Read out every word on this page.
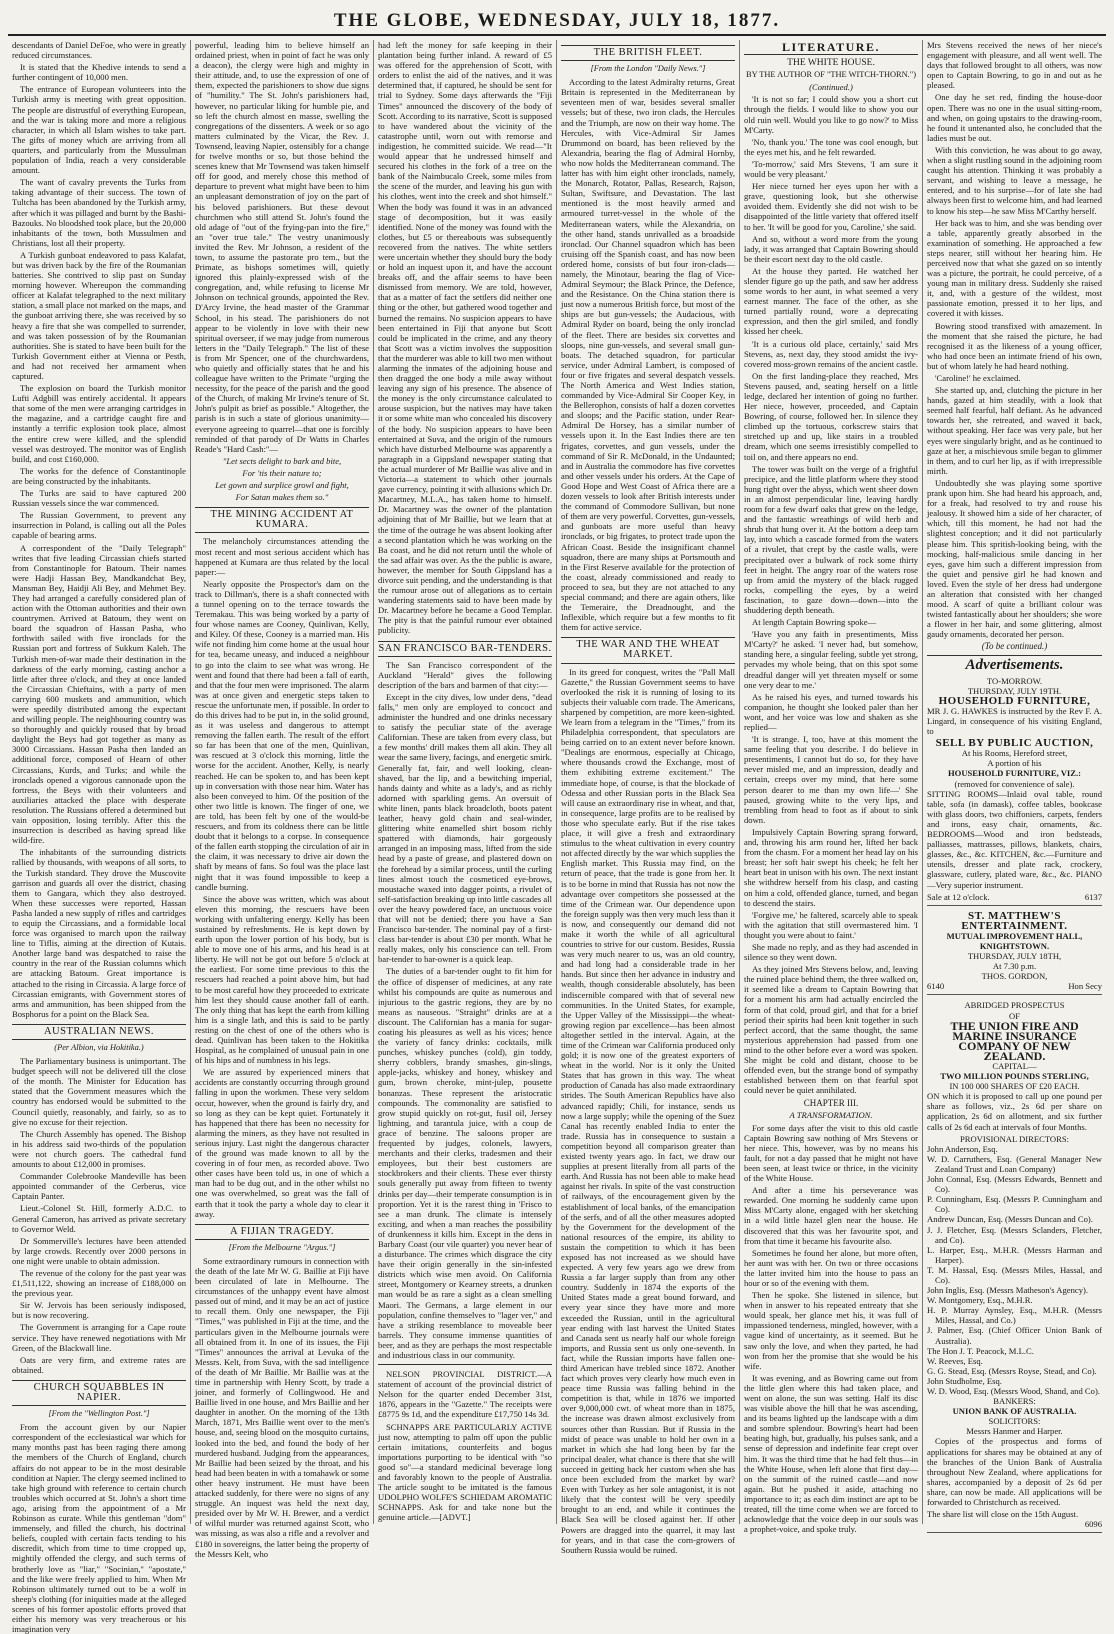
THE GLOBE, WEDNESDAY, JULY 18, 1877.

descendants of Daniel DeFoe, who were in greatly reduced circumstances.

It is stated that the Khedive intends to send a further contingent of 10,000 men.

The entrance of European volunteers into the Turkish army is meeting with great opposition. The people are distrustful of everything European, and the war is taking more and more a religious character, in which all Islam wishes to take part. The gifts of money which are arriving from all quarters, and particularly from the Mussulman population of India, reach a very considerable amount.

The want of cavalry prevents the Turks from taking advantage of their success. The town of Tultcha has been abandoned by the Turkish army, after which it was pillaged and burnt by the Bashi-Bazouks. No bloodshed took place, but the 20,000 inhabitants of the town, both Mussulmen and Christians, lost all their property.

A Turkish gunboat endeavored to pass Kalafat, but was driven back by the fire of the Roumanian batteries. She contrived to slip past on Sunday morning however. Whereupon the commanding officer at Kalafat telegraphed to the next military station, a small place not marked on the maps, and the gunboat arriving there, she was received by so heavy a fire that she was compelled to surrender, and was taken possession of by the Roumanian authorities. She is stated to have been built for the Turkish Government either at Vienna or Pesth, and had not received her armament when captured.

The explosion on board the Turkish monitor Lufti Adgbill was entirely accidental. It appears that some of the men were arranging cartridges in the magazine, and a cartridge caught fire and instantly a terrific explosion took place, almost the entire crew were killed, and the splendid vessel was destroyed. The monitor was of English build, and cost £160,000.

The works for the defence of Constantinople are being constructed by the inhabitants.

The Turks are said to have captured 200 Russian vessels since the war commenced.

The Russian Government, to prevent any insurrection in Poland, is calling out all the Poles capable of bearing arms.

A correspondent of the "Daily Telegraph" writes that five leading Circassian chiefs started from Constantinople for Batoum. Their names were Hadji Hassan Bey, Mandkandchat Bey, Mansman Bey, Haidji Ali Bey, and Mehmet Bey. They had arranged a carefully considered plan of action with the Ottoman authorities and their own countrymen. Arrived at Batoum, they went on board the squadron of Hassan Pasha, who forthwith sailed with five ironclads for the Russian port and fortress of Sukkum Kaleh. The Turkish men-of-war made their destination in the darkness of the early morning, casting anchor a little after three o'clock, and they at once landed the Circassian Chieftains, with a party of men carrying 600 muskets and ammunition, which were speedily distributed among the expectant and willing people. The neighbouring country was so thoroughly and quickly roused that by broad daylight the Beys had got together as many as 3000 Circassians. Hassan Pasha then landed an additional force, composed of Hearn of other Circassians, Kurds, and Turks; and while the ironclads opened a vigorous cannonade upon the fortress, the Beys with their volunteers and auxiliaries attacked the place with desperate resolution. The Russians offered a determined but vain opposition, losing terribly. After this the insurrection is described as having spread like wild-fire.

The inhabitants of the surrounding districts rallied by thousands, with weapons of all sorts, to the Turkish standard. They drove the Muscovite garrison and guards all over the district, chasing them to Gangara, which they also destroyed. When these successes were reported, Hassan Pasha landed a new supply of rifles and cartridges to equip the Circassians, and a formidable local force was organised to march upon the railway line to Tiflis, aiming at the direction of Kutais. Another large band was despatched to raise the country in the rear of the Russian columns which are attacking Batoum. Great importance is attached to the rising in Circassia. A large force of Circassian emigrants, with Government stores of arms and ammunition, has been shipped from the Bosphorus for a point on the Black Sea.

AUSTRALIAN NEWS.
(Per Albion, via Hokitika.)

The Parliamentary business is unimportant. The budget speech will not be delivered till the close of the month. The Minister for Education has stated that the Government measures which the country has endorsed would be submitted to the Council quietly, reasonably, and fairly, so as to give no excuse for their rejection.

The Church Assembly has opened. The Bishop in his address said two-thirds of the population were not church goers. The cathedral fund amounts to about £12,000 in promises.

Commander Colebrooke Mandeville has been appointed commander of the Cerberus, vice Captain Panter.

Lieut.-Colonel St. Hill, formerly A.D.C. to General Cameron, has arrived as private secretary to Governor Weld.

Dr Sommerville's lectures have been attended by large crowds. Recently over 2000 persons in one night were unable to obtain admission.

The revenue of the colony for the past year was £1,511,122, showing an increase of £188,000 on the previous year.

Sir W. Jervois has been seriously indisposed, but is now recovering.

The Government is arranging for a Cape route service. They have renewed negotiations with Mr Green, of the Blackwall line.

Oats are very firm, and extreme rates are obtained.

CHURCH SQUABBLES IN NAPIER.
[From the "Wellington Post."]

From the account given by our Napier correspondent of the ecclesiastical war which for many months past has been raging there among the members of the Church of England, church affairs do not appear to be in the most desirable condition at Napier. The clergy seemed inclined to take high ground with reference to certain church troubles which occurred at St. John's a short time ago, arising from the appointment of a Mr Robinson as curate. While this gentleman "dom" immensely, and filled the church, his doctrinal beliefs, coupled with certain facts tending to his discredit, which from time to time cropped up, mightily offended the clergy, and such terms of brotherly love as "liar," "Socinian," "apostate," and the like were freely applied to him. When Mr Robinson ultimately turned out to be a wolf in sheep's clothing (for iniquities made at the alleged scenes of his former apostolic efforts proved that either his memory was very treacherous or his imagination very

powerful, leading him to believe himself an ordained priest, when in point of fact he was only a deacon), the clergy were high and mighty in their attitude, and, to use the expression of one of them, expected the parishioners to show due signs of "humility." The St. John's parishioners had, however, no particular liking for humble pie, and so left the church almost en masse, swelling the congregations of the dissenters. A week or so ago matters culminated by the Vicar, the Rev. J. Townsend, leaving Napier, ostensibly for a change for twelve months or so, but those behind the scenes knew that Mr Townsend was taken himself off for good, and merely chose this method of departure to prevent what might have been to him an unpleasant demonstration of joy on the part of his beloved parishioners. But these devout churchmen who still attend St. John's found the old adage of "out of the frying-pan into the fire," an "over true tale." The vestry unanimously invited the Rev. Mr Johnson, a resident of the town, to assume the pastorate pro tem., but the Primate, as bishops sometimes will, quietly ignored this plainly-expressed wish of the congregation, and, while refusing to license Mr Johnson on technical grounds, appointed the Rev. D'Arcy Irvine, the head master of the Grammar School, in his stead. The parishioners do not appear to be violently in love with their new spiritual overseer, if we may judge from numerous letters in the "Daily Telegraph." The list of these is from Mr Spencer, one of the churchwardens, who quietly and officially states that he and his colleague have written to the Primate "urging the necessity, for the peace of the parish and the good of the Church, of making Mr Irvine's tenure of St. John's pulpit as brief as possible." Altogether, the parish is in such a state of glorious unanimity—everyone agreeing to quarrel—that one is forcibly reminded of that parody of Dr Watts in Charles Reade's "Hard Cash:"—

"Let sects delight to bark and bite,
For 'tis their nature to;
Let gown and surplice growl and fight,
For Satan makes them so."
THE MINING ACCIDENT AT KUMARA.

The melancholy circumstances attending the most recent and most serious accident which has happened at Kumara are thus related by the local paper:—

Nearly opposite the Prospector's dam on the track to Dillman's, there is a shaft connected with a tunnel opening on to the terrace towards the Teremakau. This was being worked by a party of four whose names are Cooney, Quinlivan, Kelly, and Kiley. Of these, Cooney is a married man. His wife not finding him come home at the usual hour for tea, became uneasy, and induced a neighbour to go into the claim to see what was wrong. He went and found that there had been a fall of earth, and that the four men were imprisoned. The alarm was at once given and energetic steps taken to rescue the unfortunate men, if possible. In order to do this drives had to be put in, in the solid ground, as it was useless and dangerous to attempt removing the fallen earth. The result of the effort so far has been that one of the men, Quinlivan, was rescued at 3 o'clock this morning, little the worse for the accident. Another, Kelly, is nearly reached. He can be spoken to, and has been kept up in conversation with those near him. Water has also been conveyed to him. Of the position of the other two little is known. The finger of one, we are told, has been felt by one of the would-be rescuers, and from its coldness there can be little doubt that it belongs to a corpse. In consequence of the fallen earth stopping the circulation of air in the claim, it was necessary to drive air down the shaft by means of fans. So foul was the place last night that it was found impossible to keep a candle burning.

Since the above was written, which was about eleven this morning, the rescuers have been working with unfaltering energy. Kelly has been sustained by refreshments. He is kept down by earth upon the lower portion of his body, but is able to move one of his arms, and his head is at liberty. He will not be got out before 5 o'clock at the earliest. For some time previous to this the rescuers had reached a point above him, but had to be most careful how they proceeded to extricate him lest they should cause another fall of earth. The only thing that has kept the earth from killing him is a single lath, and this is said to be partly resting on the chest of one of the others who is dead. Quinlivan has been taken to the Hokitika Hospital, as he complained of unusual pain in one of his hips and of numbness in his legs.

We are assured by experienced miners that accidents are constantly occurring through ground falling in upon the workmen. These very seldom occur, however, when the ground is fairly dry, and so long as they can be kept quiet. Fortunately it has happened that there has been no necessity for alarming the miners, as they have not resulted in serious injury. Last night the dangerous character of the ground was made known to all by the covering in of four men, as recorded above. Two other cases have been told us, in one of which a man had to be dug out, and in the other whilst no one was overwhelmed, so great was the fall of earth that it took the party a whole day to clear it away.

A FIJIAN TRAGEDY.
[From the Melbourne "Argus."]

Some extraordinary rumours in connection with the death of the late Mr W. G. Baillie at Fiji have been circulated of late in Melbourne. The circumstances of the unhappy event have almost passed out of mind, and it may be an act of justice to recall them. Only one newspaper, the Fiji "Times," was published in Fiji at the time, and the particulars given in the Melbourne journals were all obtained from it. In one of its issues, the Fiji "Times" announces the arrival at Levuka of the Messrs. Kelt, from Suva, with the sad intelligence of the death of Mr Baillie. Mr Baillie was at the time in partnership with Henry Scott, by trade a joiner, and formerly of Collingwood. He and Baillie lived in one house, and Mrs Baillie and her daughter in another. On the morning of the 13th March, 1871, Mrs Baillie went over to the men's house, and, seeing blood on the mosquito curtains, looked into the bed, and found the body of her murdered husband. Judging from the appearances, Mr Baillie had been seized by the throat, and his head had been beaten in with a tomahawk or some other heavy instrument. He must have been attacked suddenly, for there were no signs of any struggle. An inquest was held the next day, presided over by Mr W. H. Brewer, and a verdict of wilful murder was returned against Scott, who was missing, as was also a rifle and a revolver and £180 in sovereigns, the latter being the property of the Messrs Kelt, who

had left the money for safe keeping in their plantation being further inland. A reward of £5 was offered for the apprehension of Scott, with orders to enlist the aid of the natives, and it was determined that, if captured, he should be sent for trial to Sydney. Some days afterwards the "Fiji Times" announced the discovery of the body of Scott. According to its narrative, Scott is supposed to have wandered about the vicinity of the catastrophe until, worn out with remorse and indigestion, he committed suicide. We read—"It would appear that he undressed himself and secured his clothes in the fork of a tree on the bank of the Naimbucalo Creek, some miles from the scene of the murder, and leaving his gun with his clothes, went into the creek and shot himself." When the body was found it was in an advanced stage of decomposition, but it was easily identified. None of the money was found with the clothes, but £5 or thereabouts was subsequently recovered from the natives. The white settlers were uncertain whether they should bury the body or hold an inquest upon it, and have the account breaks off, and the affair seems to have been dismissed from memory. We are told, however, that as a matter of fact the settlers did neither one thing or the other, but gathered wood together and burned the remains. No suspicion appears to have been entertained in Fiji that anyone but Scott could be implicated in the crime, and any theory that Scott was a victim involves the supposition that the murderer was able to kill two men without alarming the inmates of the adjoining house and then dragged the one body a mile away without leaving any sign of his presence. The absence of the money is the only circumstance calculated to arouse suspicion, but the natives may have taken it or some white man who concealed his discovery of the body. No suspicion appears to have been entertained at Suva, and the origin of the rumours which have disturbed Melbourne was apparently a paragraph in a Gippsland newspaper stating that the actual murderer of Mr Baillie was alive and in Victoria—a statement to which other journals gave currency, pointing it with allusions which Dr. Macartney, M.L.A., has taken home to himself. Dr. Macartney was the owner of the plantation adjoining that of Mr Baillie, but we learn that at the time of the outrage he was absent looking after a second plantation which he was working on the Ba coast, and he did not return until the whole of the sad affair was over. As the the public is aware, however, the member for South Gippsland has a divorce suit pending, and the understanding is that the rumour arose out of allegations as to certain wandering statements said to have been made by Dr. Macartney before he became a Good Templar. The pity is that the painful rumour ever obtained publicity.

SAN FRANCISCO BAR-TENDERS.

The San Francisco correspondent of the Auckland "Herald" gives the following description of the bars and barmen of that city:—

Except in the city dives, low under dens, "dead falls," men only are employed to concoct and administer the hundred and one drinks necessary to satisfy the peculiar state of the average Californian. These are taken from every class, but a few months' drill makes them all akin. They all wear the same livery, facings, and energetic smirk. Generally fat, fair, and well looking, clean-shaved, bar the lip, and a bewitching imperial, hands dainty and white as a lady's, and as richly adorned with sparkling gems. An oversuit of white linen, pants black broadcloth, boots patent leather, heavy gold chain and seal-winder, glittering white enamelled shirt bosom richly spattered with diamonds, hair gorgeously arranged in an imposing mass, lifted from the side head by a paste of grease, and plastered down on the forehead by a similar process, until the curling lines almost touch the cosmeticed eye-brows, moustache waxed into dagger points, a rivulet of self-satisfaction breaking up into little cascades all over the heavy powdered face, an unctuous voice that will not be denied; there you have a San Francisco bar-tender. The nominal pay of a first-class bar-tender is about £30 per month. What he really makes, only his conscience can tell. From bar-tender to bar-owner is a quick leap.

The duties of a bar-tender ought to fit him for the office of dispenser of medicines, at any rate whilst his compounds are quite as numerous and injurious to the gastric regions, they are by no means as nauseous. "Straight" drinks are at a discount. The Californian has a mania for sugar-coating his pleasures as well as his vices; hence the variety of fancy drinks: cocktails, milk punches, whiskey punches (cold), gin toddy, sherry cobblers, brandy smashes, gin-slings, apple-jacks, whiskey and honey, whiskey and gum, brown cheroke, mint-julep, pousette bonanzas. These represent the aristocratic compounds. The commonality are satisfied to grow stupid quickly on rot-gut, fusil oil, Jersey lightning, and tarantula juice, with a coup de grace of benzine. The saloons proper are frequented by judges, colonels, lawyers, merchants and their clerks, tradesmen and their employees, but their best customers are stockbrokers and their clients. These ever thirsty souls generally put away from fifteen to twenty drinks per day—their temperate consumption is in proportion. Yet it is the rarest thing in 'Frisco to see a man drunk. The climate is intensely exciting, and when a man reaches the possibility of drunkenness it kills him. Except in the dens in Barbary Coast (our vile quarter) you never hear of a disturbance. The crimes which disgrace the city have their origin generally in the sin-infested districts which wise men avoid. On California street, Montgomery or Kearney streets, a drunken man would be as rare a sight as a clean smelling Maori. The Germans, a large element in our population, confine themselves to "lager ver," and have a striking resemblance to moveable beer barrels. They consume immense quantities of beer, and as they are perhaps the most respectable and industrious class in our community.

NELSON PROVINCIAL DISTRICT.—A statement of account of the provincial district of Nelson for the quarter ended December 31st, 1876, appears in the "Gazette." The receipts were £8775 9s 1d, and the expenditure £17,750 14s 3d.

SCHNAPPS ARE PARTICULARLY ACTIVE just now, attempting to palm off upon the public certain imitations, counterfeits and bogus importations purporting to be identical with "so good so"—a standard medicinal beverage long and favorably known to the people of Australia. The article sought to be imitated is the famous UDOLPHO WOLFE'S SCHIEDAM AROMATIC SCHNAPPS. Ask for and take none but the genuine article.—[ADVT.]

THE BRITISH FLEET.
[From the London "Daily News."]

According to the latest Admiralty returns, Great Britain is represented in the Mediterranean by seventeen men of war, besides several smaller vessels; but of these, two iron clads, the Hercules and the Triumph, are now on their way home. The Hercules, with Vice-Admiral Sir James Drummond on board, has been relieved by the Alexandria, bearing the flag of Admiral Hornby, who now holds the Mediterranean command. The latter has with him eight other ironclads, namely, the Monarch, Rotator, Pallas, Research, Rajson, Sultan, Swiftsure, and Devastation. The last mentioned is the most heavily armed and armoured turret-vessel in the whole of the Mediterranean waters, while the Alexandria, on the other hand, stands unrivalled as a broadside ironclad. Our Channel squadron which has been cruising off the Spanish coast, and has now been ordered home, consists of but four iron-clads—namely, the Minotaur, bearing the flag of Vice-Admiral Seymour; the Black Prince, the Defence, and the Resistance. On the China station there is just now a numerous British force, but most of the ships are but gun-vessels; the Audacious, with Admiral Ryder on board, being the only ironclad of the fleet. There are besides six corvettes and sloops, nine gun-vessels, and several small gun-boats. The detached squadron, for particular service, under Admiral Lambert, is composed of four or five frigates and several despatch vessels. The North America and West Indies station, commanded by Vice-Admiral Sir Cooper Key, in the Bellerophon, consists of half a dozen corvettes and sloops; and the Pacific station, under Rear-Admiral De Horsey, has a similar number of vessels upon it. In the East Indies there are ten frigates, corvettes, and gun vessels, under the command of Sir R. McDonald, in the Undaunted; and in Australia the commodore has five corvettes and other vessels under his orders. At the Cape of Good Hope and West Coast of Africa there are a dozen vessels to look after British interests under the command of Commodore Sullivan, but none of them are very powerful. Corvettes, gun-vessels, and gunboats are more useful than heavy ironclads, or big frigates, to protect trade upon the African Coast. Beside the insignificant channel squadron, there are many ships at Portsmouth and in the First Reserve available for the protection of the coast, already commissioned and ready to proceed to sea, but they are not attached to any special command; and there are again others, like the Temeraire, the Dreadnought, and the Inflexible, which require but a few months to fit them for active service.

THE WAR AND THE WHEAT MARKET.

In its greed for conquest, writes the "Pall Mall Gazette," the Russian Government seems to have overlooked the risk it is running of losing to its subjects their valuable corn trade. The Americans, sharpened by competition, are more keen-sighted. We learn from a telegram in the "Times," from its Philadelphia correspondent, that speculators are being carried on to an extent never before known. "Dealings are enormous, especially at Chicago, where thousands crowd the Exchange, most of them exhibiting extreme excitement." The immediate hope, of course, is that the blockade of Odessa and other Russian ports in the Black Sea will cause an extraordinary rise in wheat, and that, in consequence, large profits are to be realised by those who speculate early. But if the rise takes place, it will give a fresh and extraordinary stimulus to the wheat cultivation in every country not affected directly by the war which supplies the English market. This Russia may find, on the return of peace, that the trade is gone from her. It is to be borne in mind that Russia has not now the advantage over competitors she possessed at the time of the Crimean war. Our dependence upon the foreign supply was then very much less than it is now, and consequently our demand did not make it worth the while of all agricultural countries to strive for our custom. Besides, Russia was very much nearer to us, was an old country, and had long had a considerable trade in her hands. But since then her advance in industry and wealth, though considerable absolutely, has been indiscernible compared with that of several new communities. In the United States, for example, the Upper Valley of the Mississippi—the wheat-growing region par excellence—has been almost altogether settled in the interval. Again, at the time of the Crimean war California produced only gold; it is now one of the greatest exporters of wheat in the world. Nor is it only the United States that has grown in this way. The wheat production of Canada has also made extraordinary strides. The South American Republics have also advanced rapidly; Chili, for instance, sends us now a large supply; while the opening of the Suez Canal has recently enabled India to enter the trade. Russia has in consequence to sustain a competition beyond all comparison greater than existed twenty years ago. In fact, we draw our supplies at present literally from all parts of the earth. And Russia has not been able to make head against her rivals. In spite of the vast construction of railways, of the encouragement given by the establishment of local banks, of the emancipation of the serfs, and of all the other measures adopted by the Government for the development of the national resources of the empire, its ability to sustain the competition to which it has been exposed has not increased as we should have expected. A very few years ago we drew from Russia a far larger supply than from any other country. Suddenly in 1874 the exports of the United States made a great bound forward, and every year since they have more and more exceeded the Russian, until in the agricultural year ending with last harvest the United States and Canada sent us nearly half our whole foreign imports, and Russia sent us only one-seventh. In fact, while the Russian imports have fallen one-third American have trebled since 1872. Another fact which proves very clearly how much even in peace time Russia was falling behind in the competition is that, while in 1876 we imported over 9,000,000 cwt. of wheat more than in 1875, the increase was drawn almost exclusively from sources other than Russian. But if Russia in the midst of peace was unable to hold her own in a market in which she had long been by far the principal dealer, what chance is there that she will succeed in getting back her custom when she has once been excluded from the market by war? Even with Turkey as her sole antagonist, it is not likely that the contest will be very speedily brought to an end, and while it continues the Black Sea will be closed against her. If other Powers are dragged into the quarrel, it may last for years, and in that case the corn-growers of Southern Russia would be ruined.

LITERATURE.
THE WHITE HOUSE.
BY THE AUTHOR OF "THE WITCH-THORN.")
(Continued.)

'It is not so far; I could show you a short cut through the fields. I would like to show you our old ruin well. Would you like to go now?' to Miss M'Carty.

'No, thank you.' The tone was cool enough, but the eyes met his, and he felt rewarded.

'To-morrow,' said Mrs Stevens, 'I am sure it would be very pleasant.'

Her niece turned her eyes upon her with a grave, questioning look, but she otherwise avoided them. Evidently she did not wish to be disappointed of the little variety that offered itself to her. 'It will be good for you, Caroline,' she said.

And so, without a word more from the young lady, it was arranged that Captain Bowring should be their escort next day to the old castle.

At the house they parted. He watched her slender figure go up the path, and saw her address some words to her aunt, in what seemed a very earnest manner. The face of the other, as she turned partially round, wore a deprecating expression, and then the girl smiled, and fondly kissed her cheek.

'It is a curious old place, certainly,' said Mrs Stevens, as, next day, they stood amidst the ivy-covered moss-grown remains of the ancient castle.

On the first landing-place they reached, Mrs Stevens paused, and, seating herself on a little ledge, declared her intention of going no further. Her niece, however, proceeded, and Captain Bowring, of course, followed her. In silence they climbed up the tortuous, corkscrew stairs that stretched up and up, like stairs in a troubled dream, which one seems irresistibly compelled to toil on, and there appears no end.

The tower was built on the verge of a frightful precipice, and the little platform where they stood hung right over the abyss, which went sheer down in an almost perpendicular line, leaving hardly room for a few dwarf oaks that grew on the ledge, and the fantastic wreathings of wild herb and shrub that hung over it. At the bottom a deep tarn lay, into which a cascade formed from the waters of a rivulet, that crept by the castle walls, were precipitated over a bulwark of rock some thirty feet in height. The angry roar of the waters rose up from amid the mystery of the black rugged rocks, compelling the eyes, by a weird fascination, to gaze down—down—into the shuddering depth beneath.

At length Captain Bowring spoke—

'Have you any faith in presentiments, Miss M'Carty?' he asked. 'I never had, but somehow, standing here, a singular feeling, subtle yet strong, pervades my whole being, that on this spot some dreadful danger will yet threaten myself or some one very dear to me.'

As he raised his eyes, and turned towards his companion, he thought she looked paler than her wont, and her voice was low and shaken as she replied—

'It is strange. I, too, have at this moment the same feeling that you describe. I do believe in presentiments, I cannot but do so, for they have never misled me, and an impression, deadly and certain, creeps over my mind, that here some person dearer to me than my own life—' She paused, growing white to the very lips, and trembling from head to foot as if about to sink down.

Impulsively Captain Bowring sprang forward, and, throwing his arm round her, lifted her back from the chasm. For a moment her head lay on his breast; her soft hair swept his cheek; he felt her heart beat in unison with his own. The next instant she withdrew herself from his clasp, and casting on him a cold, offended glance, turned, and began to descend the stairs.

'Forgive me,' he faltered, scarcely able to speak with the agitation that still overmastered him. 'I thought you were about to faint.'

She made no reply, and as they had ascended in silence so they went down.

As they joined Mrs Stevens below, and, leaving the ruined place behind them, the three walked on, it seemed like a dream to Captain Bowring that for a moment his arm had actually encircled the form of that cold, proud girl, and that for a brief period their spirits had been knit together in such perfect accord, that the same thought, the same mysterious apprehension had passed from one mind to the other before ever a word was spoken. She might be cold and distant, choose to be offended even, but the strange bond of sympathy established between them on that fearful spot could never be quiet annihilated.

CHAPTER III.
A TRANSFORMATION.

For some days after the visit to this old castle Captain Bowring saw nothing of Mrs Stevens or her niece. This, however, was by no means his fault, for not a day passed that he might not have been seen, at least twice or thrice, in the vicinity of the White House.

And after a time his perseverance was rewarded. One morning he suddenly came upon Miss M'Carty alone, engaged with her sketching in a wild little hazel glen near the house. He discovered that this was her favourite spot, and from that time it became his favourite also.

Sometimes he found her alone, but more often, her aunt was with her. On two or three occasions the latter invited him into the house to pass an hour or so of the evening with them.

Then he spoke. She listened in silence, but when in answer to his repeated entreaty that she would speak, her glance met his, it was full of impassioned tenderness, mingled, however, with a vague kind of uncertainty, as it seemed. But he saw only the love, and when they parted, he had won from her the promise that she would be his wife.

It was evening, and as Bowring came out from the little glen where this had taken place, and went on alone, the sun was setting. Half its disc was visible above the hill that he was ascending, and its beams lighted up the landscape with a dim and sombre splendour. Bowring's heart had been beating high, but, gradually, his pulses sank, and a sense of depression and indefinite fear crept over him. It was the third time that he had felt thus—in the White House, when left alone that first day—on the summit of the ruined castle—and now again. But he pushed it aside, attaching no importance to it; as each dim instinct are apt to be treated, till the time come when we are forced to acknowledge that the voice deep in our souls was a prophet-voice, and spoke truly.

Mrs Stevens received the news of her niece's engagement with pleasure, and all went well. The days that followed brought to all others, was now open to Captain Bowring, to go in and out as he pleased.

One day he set red, finding the house-door open. There was no one in the usual sitting-room, and when, on going upstairs to the drawing-room, he found it untenanted also, he concluded that the ladies must be out.

With this conviction, he was about to go away, when a slight rustling sound in the adjoining room caught his attention. Thinking it was probably a servant, and wishing to leave a message, he entered, and to his surprise—for of late she had always been first to welcome him, and had learned to know his step—he saw Miss M'Carthy herself.

Her back was to him, and she was bending over a table, apparently greatly absorbed in the examination of something. He approached a few steps nearer, still without her hearing him. He perceived now that what she gazed on so intently was a picture, the portrait, he could perceive, of a young man in military dress. Suddenly she raised it, and, with a gesture of the wildest, most passionate emotion, pressed it to her lips, and covered it with kisses.

Bowring stood transfixed with amazement. In the moment that she raised the picture, he had recognised it as the likeness of a young officer, who had once been an intimate friend of his own, but of whom lately he had heard nothing.

'Caroline!' he exclaimed.

She started up, and, clutching the picture in her hands, gazed at him steadily, with a look that seemed half fearful, half defiant. As he advanced towards her, she retreated, and waved it back, without speaking. Her face was very pale, but her eyes were singularly bright, and as he continued to gaze at her, a mischievous smile began to glimmer in them, and to curl her lip, as if with irrepressible mirth.

Undoubtedly she was playing some sportive prank upon him. She had heard his approach, and, for a freak, had resolved to try and rouse his jealousy. It showed him a side of her character, of which, till this moment, he had not had the slightest conception; and it did not particularly please him. This spritish-looking being, with the mocking, half-malicious smile dancing in her eyes, gave him such a different impression from the quiet and pensive girl he had known and loved. Even the style of her dress had undergone an alteration that consisted with her changed mood. A scarf of quite a brilliant colour was twisted fantastically about her shoulders; she wore a flower in her hair, and some glittering, almost gaudy ornaments, decorated her person.

(To be continued.)
Advertisements.
TO-MORROW.
THURSDAY, JULY 19TH.
HOUSEHOLD FURNITURE,

MR J. G. HAWKES is instructed by the Rev F. A. Lingard, in consequence of his visiting England, to

SELL BY PUBLIC AUCTION,
At his Rooms, Hereford street,
A portion of his
HOUSEHOLD FURNITURE, VIZ.:
(removed for convenience of sale).

SITTING ROOMS—Inlaid oval table, round table, sofa (in damask), coffee tables, bookcase with glass doors, two chiffoniers, carpets, fenders and irons, easy chair, ornaments, &c. BEDROOMS—Wood and iron bedsteads, palliasses, mattrasses, pillows, blankets, chairs, glasses, &c., &c. KITCHEN, &c.—Furniture and utensils, dresser and plate rack, crockery, glassware, cutlery, plated ware, &c., &c. PIANO—Very superior instrument.

Sale at 12 o'clock.	6137
ST. MATTHEW'S ENTERTAINMENT.
MUTUAL IMPROVEMENT HALL, KNIGHTSTOWN.
THURSDAY, JULY 18TH,
At 7.30 p.m.
THOS. GORDON,
6140	Hon Secy
ABRIDGED PROSPECTUS
OF
THE UNION FIRE AND MARINE INSURANCE COMPANY OF NEW ZEALAND.
CAPITAL—
TWO MILLION POUNDS STERLING,
IN 100 000 SHARES OF £20 EACH.

ON which it is proposed to call up one pound per share as follows, viz., 2s 6d per share on application, 2s 6d on allotment, and six further calls of 2s 6d each at intervals of four Months.

PROVISIONAL DIRECTORS:
John Anderson, Esq.
W. D. Carruthers, Esq. (General Manager New Zealand Trust and Loan Company)
John Connal, Esq. (Messrs Edwards, Bennett and Co).
P. Cunningham, Esq. (Messrs P. Cunningham and Co).
Andrew Duncan, Esq. (Messrs Duncan and Co).
J. J. Fletcher, Esq. (Messrs Sclanders, Fletcher, and Co).
L. Harper, Esq., M.H.R. (Messrs Harman and Harper).
T. M. Hassal, Esq. (Messrs Miles, Hassal, and Co).
John Inglis, Esq. (Messrs Matheson's Agency).
W. Montgomery, Esq., M.H.R.
H. P. Murray Aynsley, Esq., M.H.R. (Messrs Miles, Hassal, and Co.)
J. Palmer, Esq. (Chief Officer Union Bank of Australia).
The Hon J. T. Peacock, M.L.C.
W. Reeves, Esq.
G. G. Stead, Esq. (Messrs Royse, Stead, and Co).
John Studholme, Esq.
W. D. Wood, Esq. (Messrs Wood, Shand, and Co).
BANKERS:
UNION BANK OF AUSTRALIA.
SOLICITORS:
Messrs Hanmer and Harper.

Copies of the prospectus and forms of applications for shares may be obtained at any of the branches of the Union Bank of Australia throughout New Zealand, where applications for shares, accompanied by a deposit of 2s 6d per share, can now be made. All applications will be forwarded to Christchurch as received.

The share list will close on the 15th August.
6096
